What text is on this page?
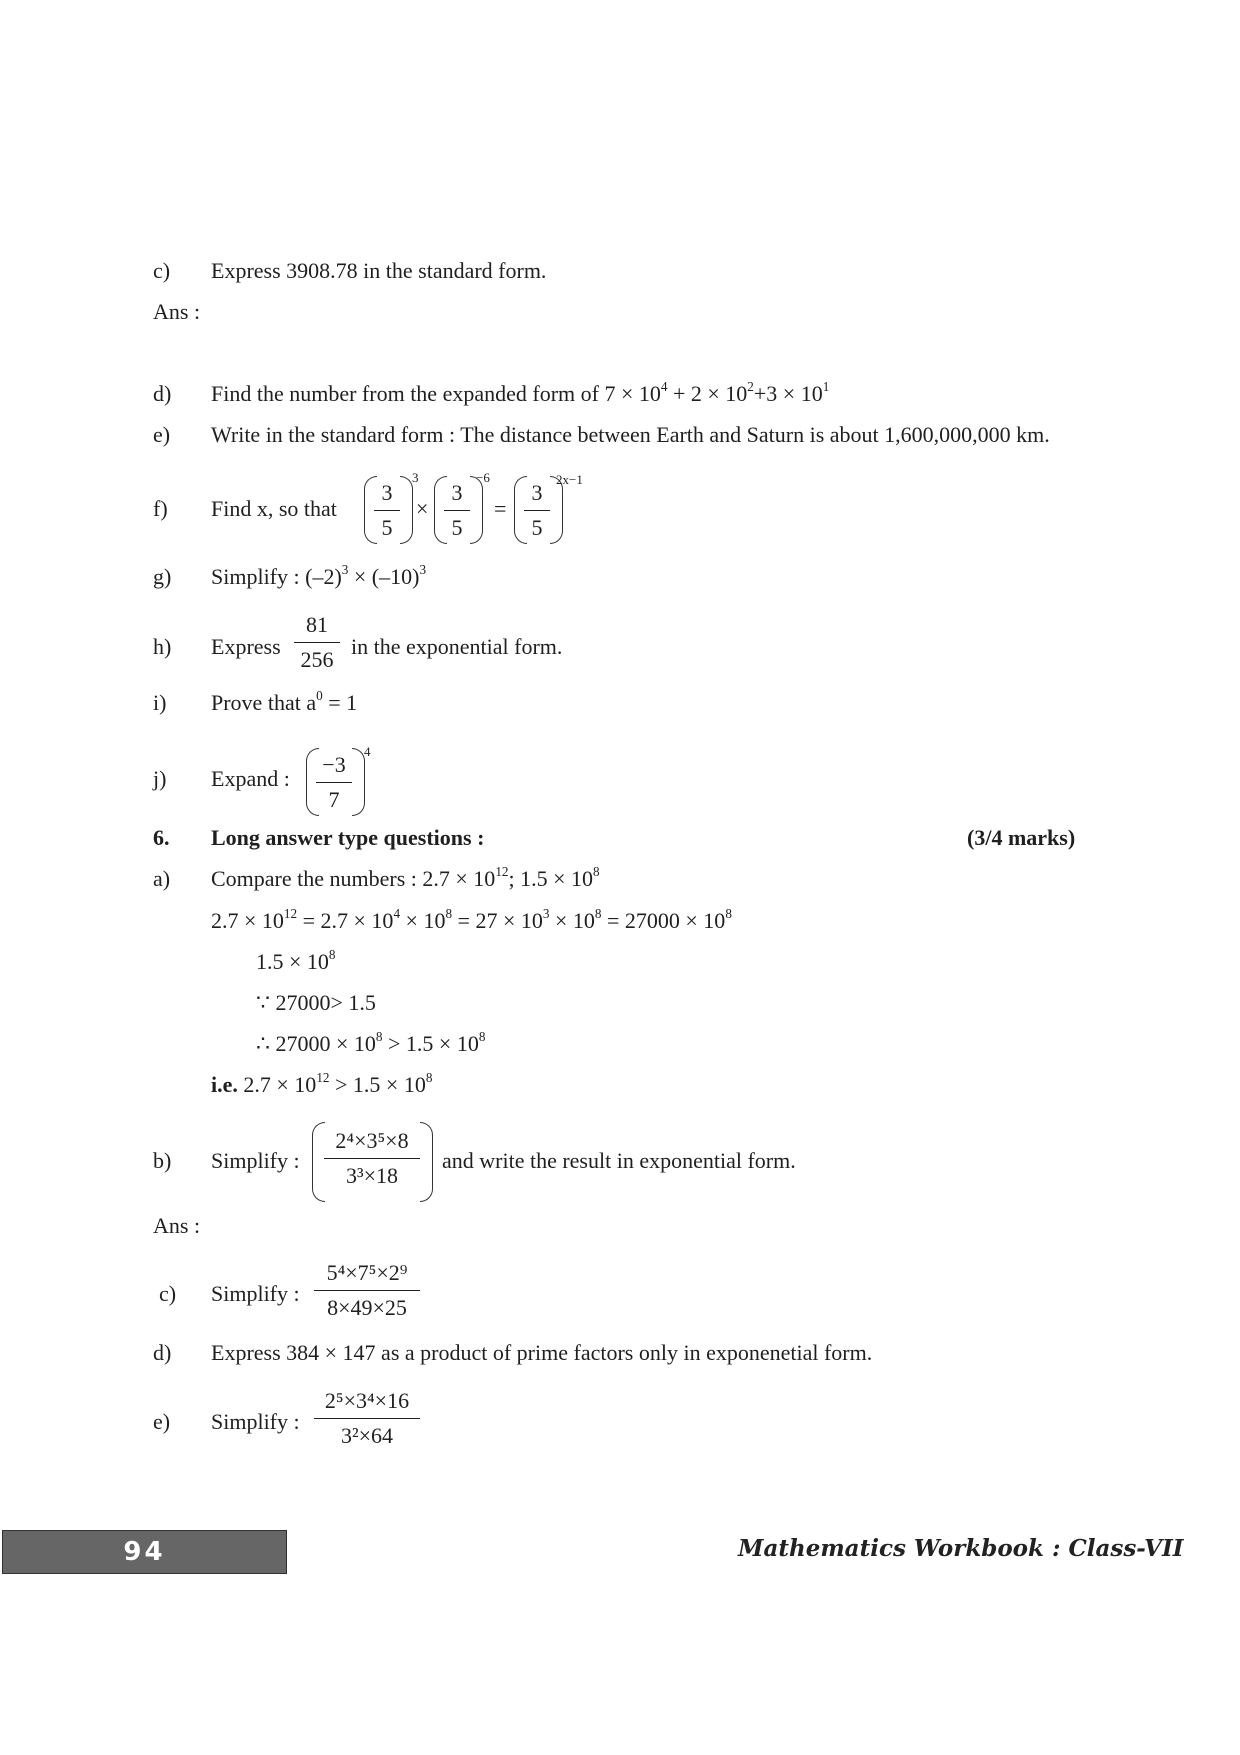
c) Express 3908.78 in the standard form.
Ans :
d) Find the number from the expanded form of $7 \times 10^4 + 2 \times 10^2+3 \times 10^1$
e) Write in the standard form : The distance between Earth and Saturn is about 1,600,000,000 km.
f) Find x, so that $\frac{3}{5}$
3
× $\frac{3}{5}$
−6
= $\frac{3}{5}$
2x−1
g) Simplify : $(-2)^3 \times (-10)^3$
h) Express	in the exponential form.
$\frac{81}{256}$
i) Prove that $a^0 = 1$
j) Expand : $\frac{-3}{7}$
4
6. Long answer type questions :	(3/4 marks)
a) Compare the numbers : $2.7 \times 10^{12}$; $1.5 \times 10^8$
$2.7 \times 10^{12} = 2.7 \times 10^4 \times 10^8 = 27 \times 10^3 \times 10^8 = 27000 \times 10^8$
$1.5 \times 10^8$
∵ 27000> 1.5
∴ $27000 \times 10^8 > 1.5 \times 10^8$
i.e. $2.7 \times 10^{12} > 1.5 \times 10^8$
b) Simplify :	and write the result in exponential form.
$\frac{\text{2⁴×3⁵×8}}{\text{3³×18}}$
Ans :
c) Simplify : $\frac{\text{5⁴×7⁵×2⁹}}{8\times 49\times 25}$
d) Express 384 × 147 as a product of prime factors only in exponenetial form.
e) Simplify : $\frac{\text{2⁵×3⁴×16}}{\text{3²×64}}$
94	Mathematics Workbook : Class-VII
